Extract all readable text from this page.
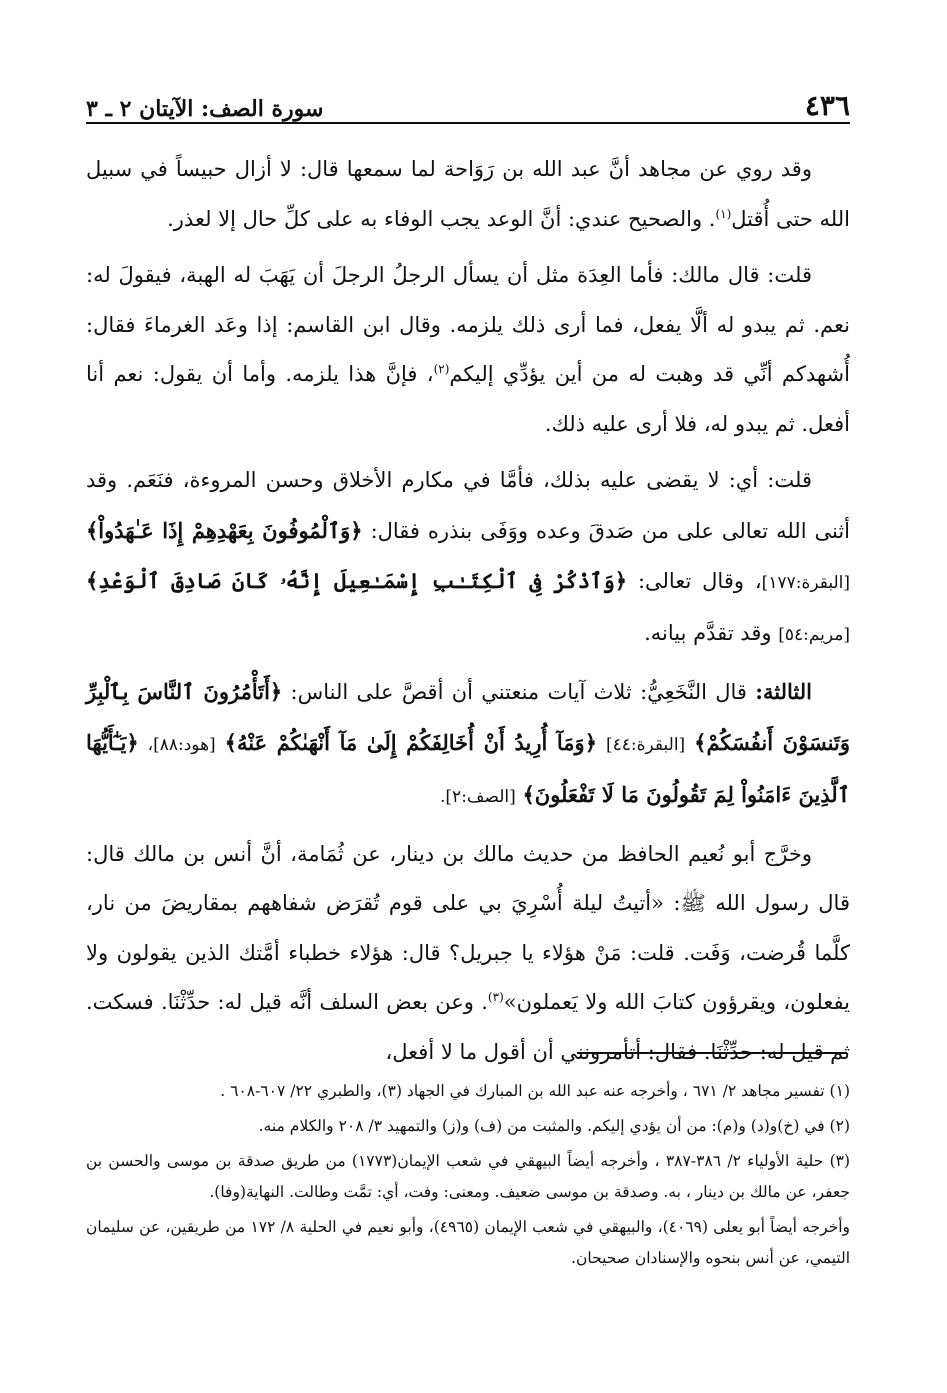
٤٣٦
سورة الصف: الآيتان ٢ ـ ٣

وقد روي عن مجاهد أنَّ عبد الله بن رَوَاحة لما سمعها قال: لا أزال حبيساً في سبيل الله حتى أُقتل$^{(١)}$. والصحيح عندي: أنَّ الوعد يجب الوفاء به على كلِّ حال إلا لعذر.

قلت: قال مالك: فأما العِدَة مثل أن يسأل الرجلُ الرجلَ أن يَهَبَ له الهبة، فيقولَ له: نعم. ثم يبدو له ألَّا يفعل، فما أرى ذلك يلزمه. وقال ابن القاسم: إذا وعَد الغرماءَ فقال: أُشهدكم أنِّي قد وهبت له من أين يؤدِّي إليكم$^{(٢)}$، فإنَّ هذا يلزمه. وأما أن يقول: نعم أنا أفعل. ثم يبدو له، فلا أرى عليه ذلك.

قلت: أي: لا يقضى عليه بذلك، فأمَّا في مكارم الأخلاق وحسن المروءة، فنَعَم. وقد أثنى الله تعالى على من صَدقَ وعده ووَفَى بنذره فقال: ﴿وَٱلْمُوفُونَ بِعَهْدِهِمْ إِذَا عَـٰهَدُواْ﴾ [البقرة:١٧٧]، وقال تعالى: ﴿وَٱذْكُرْ فِى ٱلْكِتَـٰبِ إِسْمَـٰعِيلَ إِنَّهُۥ كَانَ صَادِقَ ٱلْوَعْدِ﴾ [مريم:٥٤] وقد تقدَّم بيانه.

الثالثة: قال النَّخَعِيُّ: ثلاث آيات منعتني أن أقصَّ على الناس: ﴿أَتَأْمُرُونَ ٱلنَّاسَ بِٱلْبِرِّ وَتَنسَوْنَ أَنفُسَكُمْ﴾ [البقرة:٤٤] ﴿وَمَآ أُرِيدُ أَنْ أُخَالِفَكُمْ إِلَىٰ مَآ أَنْهَىٰكُمْ عَنْهُ﴾ [هود:٨٨]، ﴿يَـٰٓأَيُّهَا ٱلَّذِينَ ءَامَنُواْ لِمَ تَقُولُونَ مَا لَا تَفْعَلُونَ﴾ [الصف:٢].

وخرَّج أبو نُعيم الحافظ من حديث مالك بن دينار، عن ثُمَامة، أنَّ أنس بن مالك قال: قال رسول الله ﷺ: «أتيتُ ليلة أُسْرِيَ بي على قوم تُقرَض شفاههم بمقاريضَ من نار، كلَّما قُرضت، وَفَت. قلت: مَنْ هؤلاء يا جبريل؟ قال: هؤلاء خطباء أمَّتك الذين يقولون ولا يفعلون، ويقرؤون كتابَ الله ولا يَعملون»$^{(٣)}$. وعن بعض السلف أنَّه قيل له: حدِّثْنَا. فسكت. ثم قيل له: حدِّثْنَا. فقال: أتأمرونني أن أقول ما لا أفعل،

(١) تفسير مجاهد ٢/ ٦٧١ ، وأخرجه عنه عبد الله بن المبارك في الجهاد (٣)، والطبري ٢٢/ ٦٠٧-٦٠٨ .
(٢) في (خ)و(د) و(م): من أن يؤدي إليكم. والمثبت من (ف) و(ز) والتمهيد ٣/ ٢٠٨ والكلام منه.
(٣) حلية الأولياء ٢/ ٣٨٦-٣٨٧ ، وأخرجه أيضاً البيهقي في شعب الإيمان(١٧٧٣) من طريق صدقة بن موسى والحسن بن جعفر، عن مالك بن دينار ، به. وصدقة بن موسى ضعيف. ومعنى: وفت، أي: تمَّت وطالت. النهاية(وفا).
وأخرجه أيضاً أبو يعلى (٤٠٦٩)، والبيهقي في شعب الإيمان (٤٩٦٥)، وأبو نعيم في الحلية ٨/ ١٧٢ من طريقين، عن سليمان التيمي، عن أنس بنحوه والإسنادان صحيحان.
